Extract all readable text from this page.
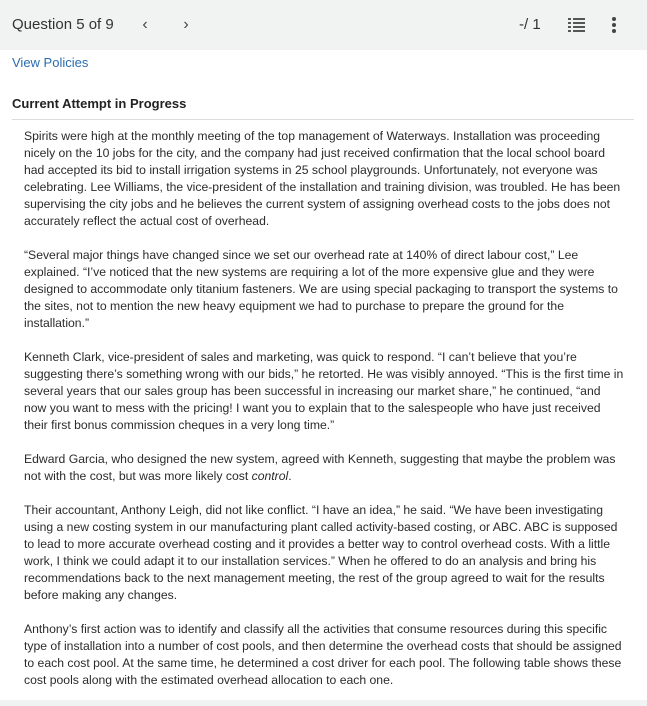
Question 5 of 9	‹	›	-/ 1
View Policies
Current Attempt in Progress

Spirits were high at the monthly meeting of the top management of Waterways. Installation was proceeding nicely on the 10 jobs for the city, and the company had just received confirmation that the local school board had accepted its bid to install irrigation systems in 25 school playgrounds. Unfortunately, not everyone was celebrating. Lee Williams, the vice-president of the installation and training division, was troubled. He has been supervising the city jobs and he believes the current system of assigning overhead costs to the jobs does not accurately reflect the actual cost of overhead.

“Several major things have changed since we set our overhead rate at 140% of direct labour cost,” Lee explained. “I’ve noticed that the new systems are requiring a lot of the more expensive glue and they were designed to accommodate only titanium fasteners. We are using special packaging to transport the systems to the sites, not to mention the new heavy equipment we had to purchase to prepare the ground for the installation.”

Kenneth Clark, vice-president of sales and marketing, was quick to respond. “I can’t believe that you’re suggesting there’s something wrong with our bids,” he retorted. He was visibly annoyed. “This is the first time in several years that our sales group has been successful in increasing our market share,” he continued, “and now you want to mess with the pricing! I want you to explain that to the salespeople who have just received their first bonus commission cheques in a very long time.”

Edward Garcia, who designed the new system, agreed with Kenneth, suggesting that maybe the problem was not with the cost, but was more likely cost control.

Their accountant, Anthony Leigh, did not like conflict. “I have an idea,” he said. “We have been investigating using a new costing system in our manufacturing plant called activity-based costing, or ABC. ABC is supposed to lead to more accurate overhead costing and it provides a better way to control overhead costs. With a little work, I think we could adapt it to our installation services.” When he offered to do an analysis and bring his recommendations back to the next management meeting, the rest of the group agreed to wait for the results before making any changes.

Anthony’s first action was to identify and classify all the activities that consume resources during this specific type of installation into a number of cost pools, and then determine the overhead costs that should be assigned to each cost pool. At the same time, he determined a cost driver for each pool. The following table shows these cost pools along with the estimated overhead allocation to each one.
